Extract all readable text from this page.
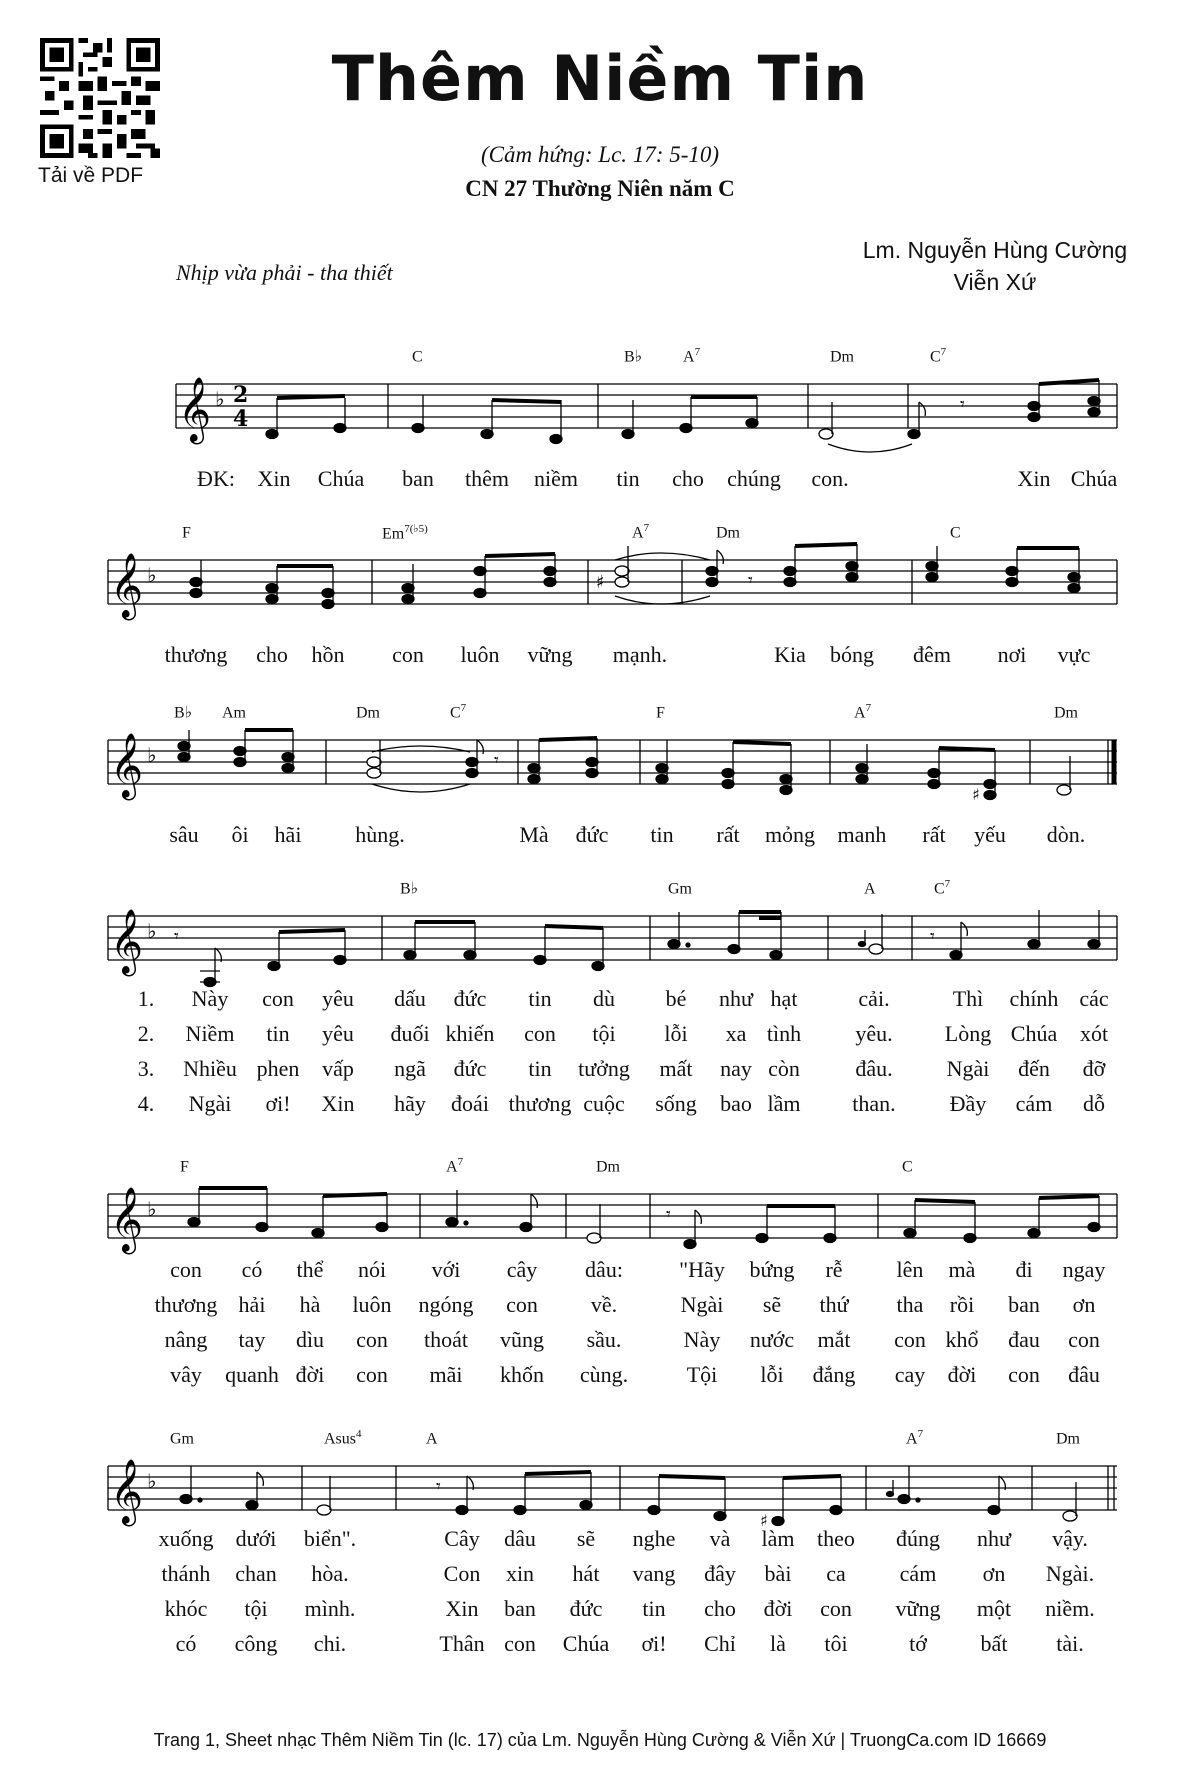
Tải về PDF
Thêm Niềm Tin
(Cảm hứng: Lc. 17: 5-10)
CN 27 Thường Niên năm C
Lm. Nguyễn Hùng Cường
Viễn Xứ
Nhịp vừa phải - tha thiết
𝄞 ♭ 2
4
𝄾
C	B♭	$A^7$	Dm	$C^7$
ĐK: Xin Chúa ban thêm niềm tin cho chúng con.	Xin Chúa
𝄞 ♭	♯	𝄾
F	$Em^{7(♭5)}$	$A^7$	Dm	C
thương cho hồn con luôn vững mạnh.	Kia bóng đêm nơi vực
𝄞 ♭
♯
𝄾
B♭ Am	Dm	$C^7$	F	$A^7$	Dm
sâu ôi hãi hùng.	Mà đức tin rất mỏng manh rất yếu dòn.
𝄞 ♭ 𝄾	𝄾
B♭	Gm	A	$C^7$
1. Này con yêu dấu đức tin dù bé như hạt	cải.	Thì chính các
2. Niềm tin yêu đuối khiến con tội lỗi xa tình yêu. Lòng Chúa xót
3. Nhiều phen vấp ngã đức tin tưởng mất nay còn	đâu. Ngài đến đỡ
4. Ngài ơi! Xin hãy đoái thương cuộc sống bao lầm than. Đầy cám dỗ
𝄞 ♭	𝄾
F	$A^7$	Dm	C
con có thể nói với cây dâu:	"Hãy bứng rễ lên mà đi ngay
thương hải hà luôn ngóng con về.	Ngài sẽ thứ tha rồi ban ơn
nâng tay dìu con thoát vũng sầu.	Này nước mắt con khổ đau con
vây quanh đời con mãi khốn cùng.	Tội lỗi đắng cay đời con đâu
𝄞 ♭
♯
𝄾
Gm	Asus$^4$	A	$A^7$	Dm
xuống dưới biển".	Cây dâu sẽ nghe và làm theo đúng như vậy.
thánh chan hòa.	Con xin hát vang đây bài ca cám ơn Ngài.
khóc tội mình.	Xin ban đức tin cho đời con vững một niềm.
có công chi.	Thân con Chúa ơi! Chỉ là tôi	tớ bất tài.
Trang 1, Sheet nhạc Thêm Niềm Tin (lc. 17) của Lm. Nguyễn Hùng Cường & Viễn Xứ | TruongCa.com ID 16669
